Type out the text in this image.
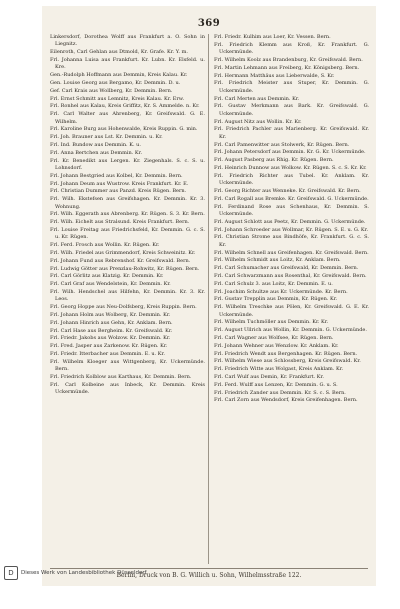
369
Linkersdorf, Dorothea Wolff aus Frankfurt a. O. Sohn in Liegnitz.
Eilenroth, Carl Gehlan aus Dtmold, Kr. Grafe. Kr. Y. m.
Frl. Johanna Luisa aus Frankfurt. Kr. Lubn. Kr. Elsfeld. u. Kre.
Gen.-Rudolph Hoffmann aus Demmin, Kreis Kalau. Kr.
Gen. Louise Georg aus Bergamo, Kr. Demmin. D. u.
Gef. Carl Krais aus Wollberg, Kr. Demmin. Bern.
Frl. Ernst Schmitt aus Lemnitz, Kreis Kalau. Kr. Erw.
Frl. Ronhel aus Kalau, Kreis Griffitz, Kr. S. Ammelde. n. Kr.
Frl. Carl Walter aus Ahrenberg, Kr. Greifswald. G. E. Wilhelm.
Frl. Karoline Burg aus Hohenwalde, Kreis Ruppin. G. min.
Frl. Joh. Brauner aus Lst. Kr. Demmin. u. Kr.
Frl. Ind. Bundow aus Demmin. K. u.
Frl. Anna Bertchen aus Demmin. Kr.
Frl. Kr. Benedikt aus Lergen. Kr. Ziegenhals. S. c. S. u. Lohnsdorf.
Frl. Johann Bestgried aus Kolbel, Kr. Demmin. Bern.
Frl. Johann Deum aus Wustrow. Kreis Frankfurt. Kr. E.
Frl. Christian Dummer aus Panzd. Kreis Rügen. Bern.
Frl. Wilh. Ekstefsen aus Greifshagen. Kr. Demmin. Kr. 3. Wohnung.
Frl. Wilh. Eggerath aus Abrenberg. Kr. Rügen. S. 3. Kr. Bern.
Frl. Wilh. Eichelt aus Stralsund. Kreis Frankfurt. Bern.
Frl. Louise Freitag aus Friedrichsfeld, Kr. Demmin. G. c. S. u. Kr. Rügen.
Frl. Ferd. Frosch aus Wollin. Kr. Rügen. Kr.
Frl. Wilh. Friedel aus Grimmendorf, Kreis Schweinitz. Kr.
Frl. Johann Fund aus Rebrenshof. Kr. Greifswald. Bern.
Frl. Ludwig Götter aus Prenzlau-Rohwitz, Kr. Rügen. Bern.
Frl. Carl Görlitz aus Klatzig. Kr. Demmin. Kr.
Frl. Carl Graf aus Wendelstein, Kr. Demmin. Kr.
Frl. Wilh. Hendschel aus Hilfehn, Kr. Demmin. Kr. 3. Kr. Leos.
Frl. Georg Hoppe aus Neu-Dolfsberg, Kreis Ruppin. Bern.
Frl. Johann Holm aus Wolberg, Kr. Demmin. Kr.
Frl. Johann Hinrich aus Gehn, Kr. Anklam. Bern.
Frl. Carl Hase aus Bergheim. Kr. Greifswald. Kr.
Frl. Friedr. Jakobs aus Wolzow. Kr. Demmin. Kr.
Frl. Fred. Jasper aus Zarkenow. Kr. Rügen. Kr.
Frl. Friedr. Itterbacher aus Demmin. E. u. Kr.
Frl. Wilhelm Kloeger aus Wittgenberg, Kr. Uckermünde. Bern.
Frl. Friedrich Kolblow aus Karthaus, Kr. Demmin. Bern.
Frl. Carl Kolbeine aus Inbeck, Kr. Demmin. Kreis Uckermünde.
Frl. Friedr. Kulhim aus Loer, Kr. Vessen. Bern.
Frl. Friedrich Klemm aus Kroß, Kr. Frankfurt. G. Uckermünde.
Frl. Wilhelm Koolz aus Brandenburg, Kr. Greifswald. Bern.
Frl. Martin Lehmann aus Freiberg, Kr. Königsberg. Bern.
Frl. Hermann Matthäus aus Lieberwalde, S. Kr.
Frl. Friedrich Meister aus Stuper, Kr. Demmin. G. Uckermünde.
Frl. Carl Merten aus Demmin. Kr.
Frl. Gustav Merkmann aus Bark. Kr. Greifswald. G. Uckermünde.
Frl. August Nitz aus Wollin. Kr. Kr.
Frl. Friedrich Pachler aus Marienberg. Kr. Greifswald. Kr. Kr.
Frl. Carl Pamenwitter aus Stolwerk, Kr. Rügen. Bern.
Frl. Johann Petersdorf aus Demmin. Kr. G. Kr. Uckermünde.
Frl. August Pasberg aus Rhig. Kr. Rügen. Bern.
Frl. Heinrich Dunnow aus Wolkow. Kr. Rügen. S. c. S. Kr. Kr.
Frl. Friedrich Richter aus Tubel. Kr. Anklam. Kr. Uckermünde.
Frl. Georg Richter aus Wenneke. Kr. Greifswald. Kr. Bern.
Frl. Carl Rogall aus Bremke. Kr. Greifswald. G. Uckermünde.
Frl. Ferdinand Rose aus Schenhaus, Kr. Demmin. S. Uckermünde.
Frl. August Schlott aus Peetz, Kr. Demmin. G. Uckermünde.
Frl. Johann Schroeder aus Wollmar, Kr. Rügen. S. E. u. G. Kr.
Frl. Christian Strome aus Bindhöfe, Kr. Frankfurt. G. c. S. Kr.
Frl. Wilhelm Schnell aus Greifenhagen. Kr. Greifswald. Bern.
Frl. Wilhelm Schmidt aus Loitz, Kr. Anklam. Bern.
Frl. Carl Schumacher aus Greifswald, Kr. Demmin. Bern.
Frl. Carl Schwarzmann aus Rosenthal, Kr. Greifswald. Bern.
Frl. Carl Schulz 3. aus Loitz, Kr. Demmin. E. u.
Frl. Joachim Schultze aus Kr. Uckermünde. Kr. Bern.
Frl. Gustav Trepplin aus Demmin, Kr. Rügen. Kr.
Frl. Wilhelm Treschke aus Pölen, Kr. Greifswald. G. E. Kr. Uckermünde.
Frl. Wilhelm Tuchmöller aus Demmin. Kr. Kr.
Frl. August Ullrich aus Wollin, Kr. Demmin. G. Uckermünde.
Frl. Carl Wagner aus Wolfsee, Kr. Rügen. Bern.
Frl. Johann Wehner aus Wenzlow. Kr. Anklam. Kr.
Frl. Friedrich Wendt aus Bergenhagen. Kr. Rügen. Bern.
Frl. Wilhelm Wiese aus Schlossberg, Kreis Greifswald. Kr.
Frl. Friedrich Witte aus Wolgast, Kreis Anklam. Kr.
Frl. Carl Wulf aus Demin, Kr. Frankfurt. Kr.
Frl. Ferd. Wulff aus Lenzen, Kr. Demmin. G. u. S.
Frl. Friedrich Zander aus Demmin. Kr. S. c. S. Bern.
Frl. Carl Zorn aus Wendsdorf, Kreis Greifenhagen. Bern.
Berlin, Druck von B. G. Willich u. Sohn, Wilhelmsstraße 122.
D	Dieses Werk von Landesbibliothek Düsseldorf
